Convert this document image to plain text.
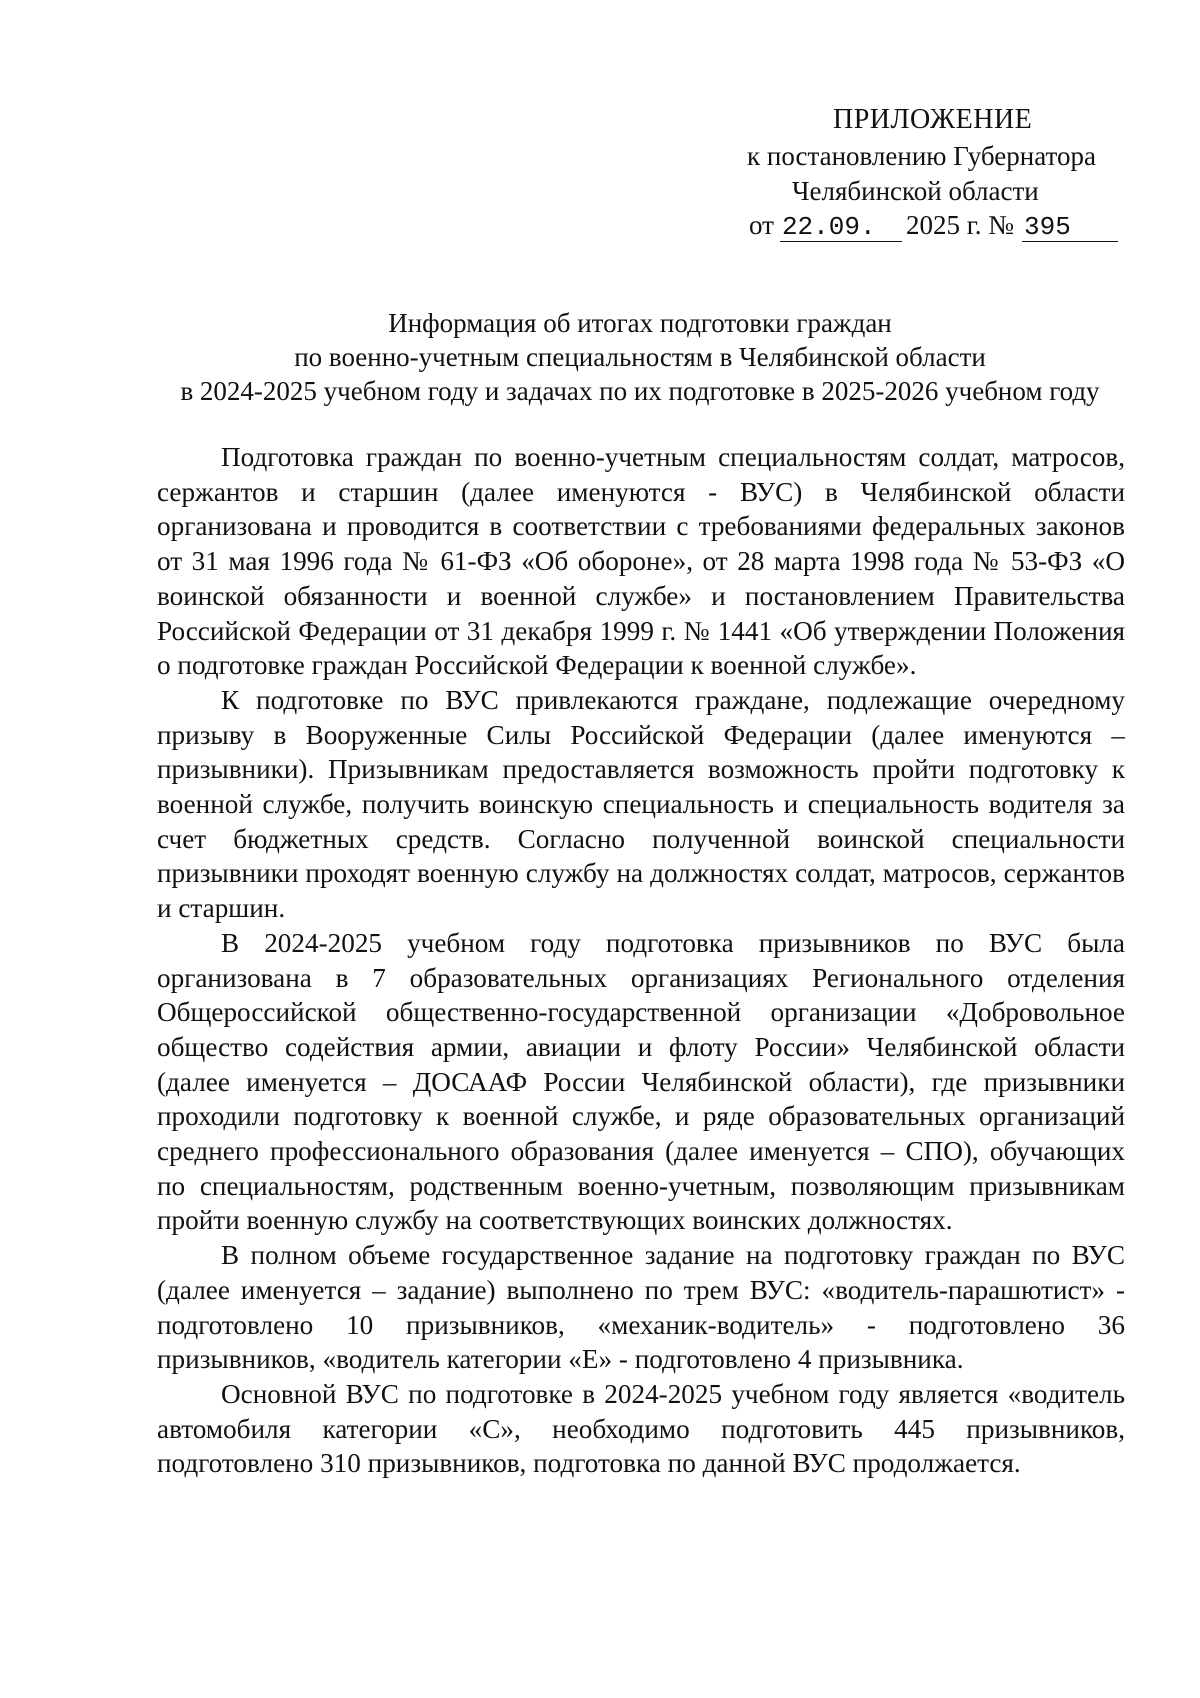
ПРИЛОЖЕНИЕ
к постановлению Губернатора
Челябинской области
от 22.09. 2025 г. № 395
Информация об итогах подготовки граждан
по военно-учетным специальностям в Челябинской области
в 2024-2025 учебном году и задачах по их подготовке в 2025-2026 учебном году

Подготовка граждан по военно-учетным специальностям солдат, матросов, сержантов и старшин (далее именуются - ВУС) в Челябинской области организована и проводится в соответствии с требованиями федеральных законов от 31 мая 1996 года № 61-ФЗ «Об обороне», от 28 марта 1998 года № 53-ФЗ «О воинской обязанности и военной службе» и постановлением Правительства Российской Федерации от 31 декабря 1999 г. № 1441 «Об утверждении Положения о подготовке граждан Российской Федерации к военной службе».

К подготовке по ВУС привлекаются граждане, подлежащие очередному призыву в Вооруженные Силы Российской Федерации (далее именуются – призывники). Призывникам предоставляется возможность пройти подготовку к военной службе, получить воинскую специальность и специальность водителя за счет бюджетных средств. Согласно полученной воинской специальности призывники проходят военную службу на должностях солдат, матросов, сержантов и старшин.

В 2024-2025 учебном году подготовка призывников по ВУС была организована в 7 образовательных организациях Регионального отделения Общероссийской общественно-государственной организации «Добровольное общество содействия армии, авиации и флоту России» Челябинской области (далее именуется – ДОСААФ России Челябинской области), где призывники проходили подготовку к военной службе, и ряде образовательных организаций среднего профессионального образования (далее именуется – СПО), обучающих по специальностям, родственным военно-учетным, позволяющим призывникам пройти военную службу на соответствующих воинских должностях.

В полном объеме государственное задание на подготовку граждан по ВУС (далее именуется – задание) выполнено по трем ВУС: «водитель-парашютист» - подготовлено 10 призывников, «механик-водитель» - подготовлено 36 призывников, «водитель категории «Е» - подготовлено 4 призывника.

Основной ВУС по подготовке в 2024-2025 учебном году является «водитель автомобиля категории «С», необходимо подготовить 445 призывников, подготовлено 310 призывников, подготовка по данной ВУС продолжается.
